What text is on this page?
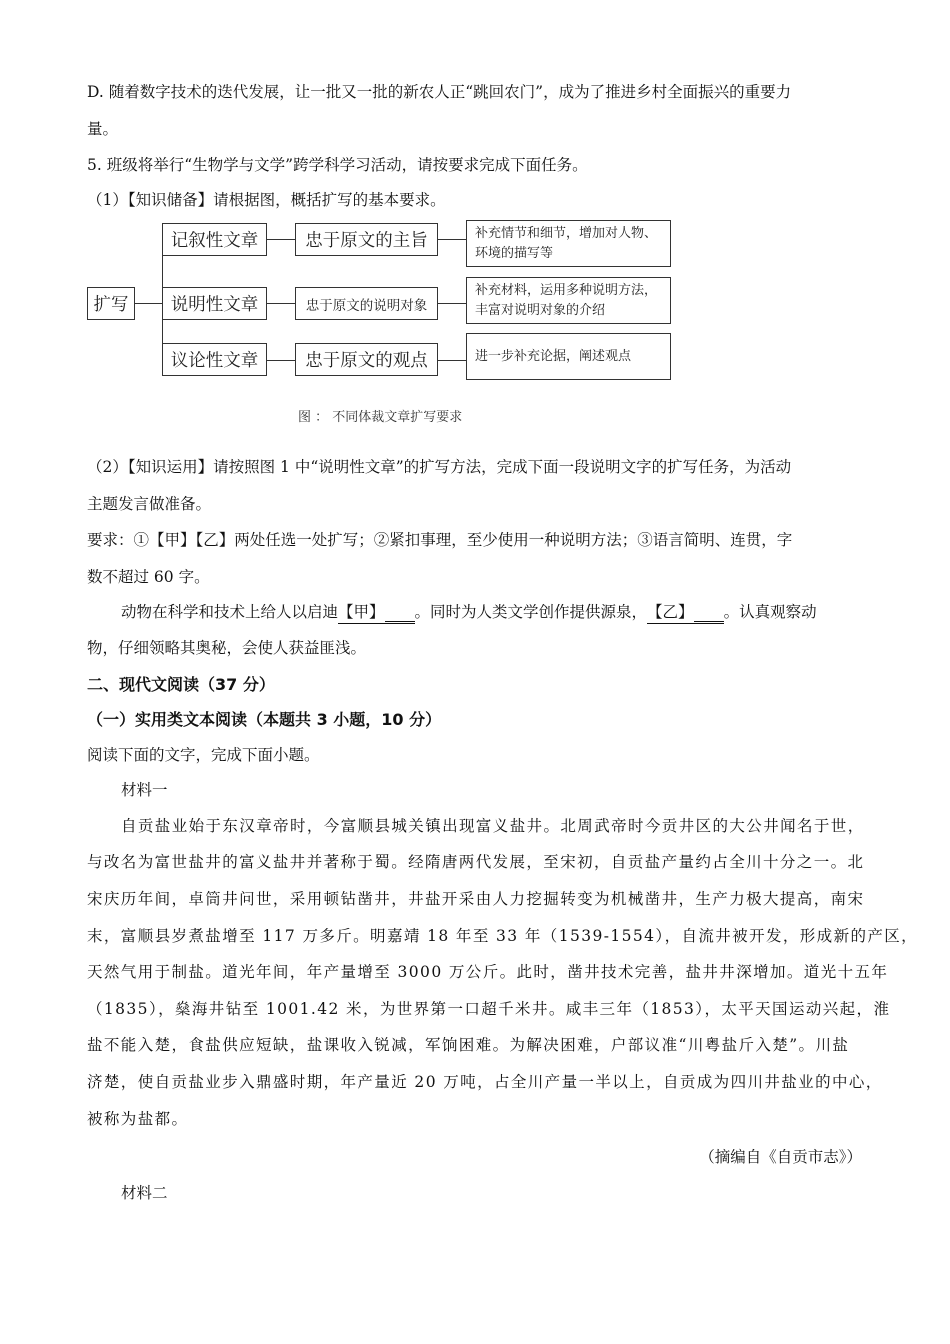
D. 随着数字技术的迭代发展，让一批又一批的新农人正“跳回农门”，成为了推进乡村全面振兴的重要力
量。
5. 班级将举行“生物学与文学”跨学科学习活动，请按要求完成下面任务。
（1）【知识储备】请根据图，概括扩写的基本要求。
扩写
记叙性文章
说明性文章
议论性文章
忠于原文的主旨
忠于原文的说明对象
忠于原文的观点
补充情节和细节，增加对人物、环境的描写等
补充材料，运用多种说明方法，丰富对说明对象的介绍
进一步补充论据，阐述观点
图 ： 不同体裁文章扩写要求
（2）【知识运用】请按照图 1 中“说明性文章”的扩写方法，完成下面一段说明文字的扩写任务，为活动
主题发言做准备。
要求：①【甲】【乙】两处任选一处扩写；②紧扣事理，至少使用一种说明方法；③语言简明、连贯，字
数不超过 60 字。
动物在科学和技术上给人以启迪【甲】 。同时为人类文学创作提供源泉，【乙】 。认真观察动
物，仔细领略其奥秘，会使人获益匪浅。
二、现代文阅读（37 分）
（一）实用类文本阅读（本题共 3 小题，10 分）
阅读下面的文字，完成下面小题。
材料一
自贡盐业始于东汉章帝时，今富顺县城关镇出现富义盐井。北周武帝时今贡井区的大公井闻名于世，
与改名为富世盐井的富义盐井并著称于蜀。经隋唐两代发展，至宋初，自贡盐产量约占全川十分之一。北
宋庆历年间，卓筒井问世，采用顿钻凿井，井盐开采由人力挖掘转变为机械凿井，生产力极大提高，南宋
末，富顺县岁煮盐增至 117 万多斤。明嘉靖 18 年至 33 年（1539-1554），自流井被开发，形成新的产区，
天然气用于制盐。道光年间，年产量增至 3000 万公斤。此时，凿井技术完善，盐井井深增加。道光十五年
（1835），燊海井钻至 1001.42 米，为世界第一口超千米井。咸丰三年（1853），太平天国运动兴起，淮
盐不能入楚，食盐供应短缺，盐课收入锐减，军饷困难。为解决困难，户部议准“川粤盐斤入楚”。川盐
济楚，使自贡盐业步入鼎盛时期，年产量近 20 万吨，占全川产量一半以上，自贡成为四川井盐业的中心，
被称为盐都。
（摘编自《自贡市志》）
材料二
